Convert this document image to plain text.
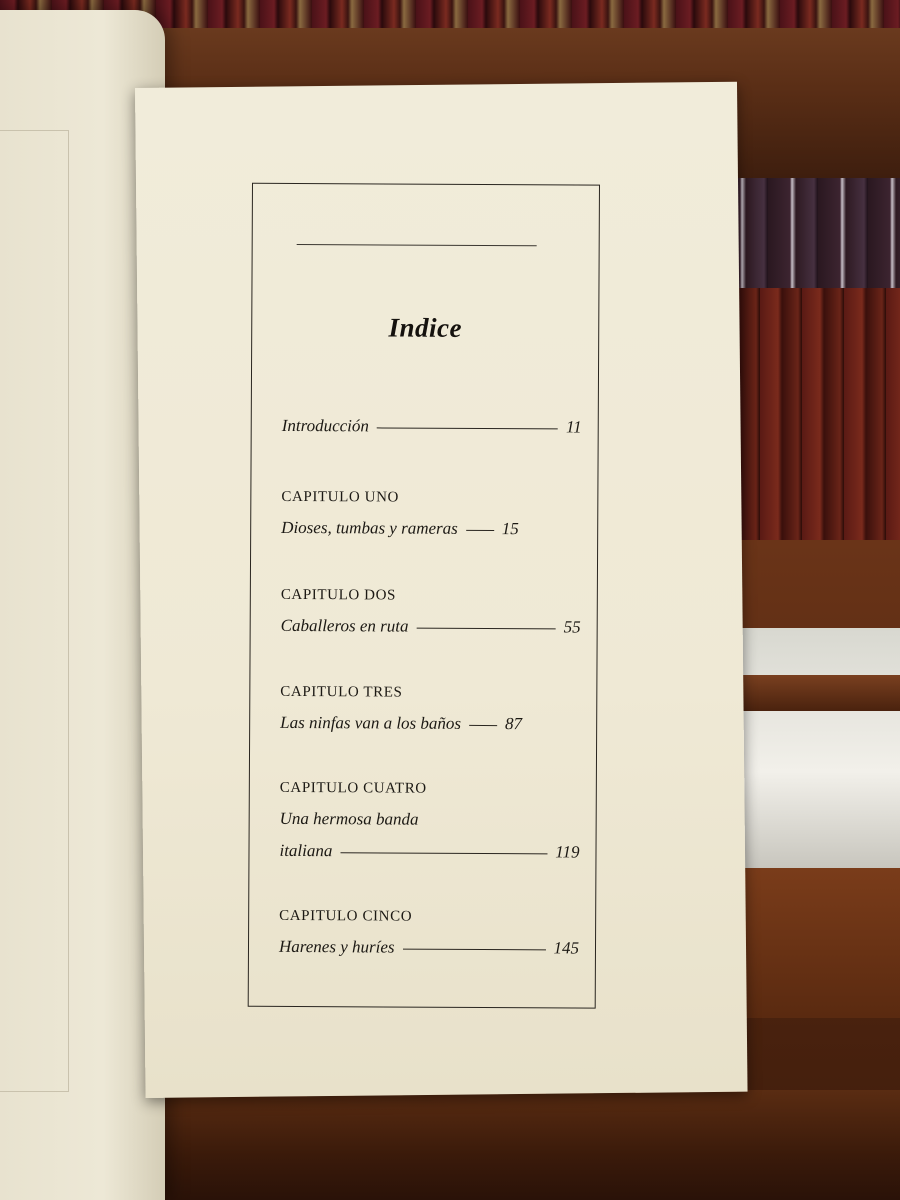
Indice
Introducción	11
CAPITULO UNO
Dioses, tumbas y rameras	15
CAPITULO DOS
Caballeros en ruta	55
CAPITULO TRES
Las ninfas van a los baños	87
CAPITULO CUATRO
Una hermosa banda
italiana	119
CAPITULO CINCO
Harenes y huríes	145
